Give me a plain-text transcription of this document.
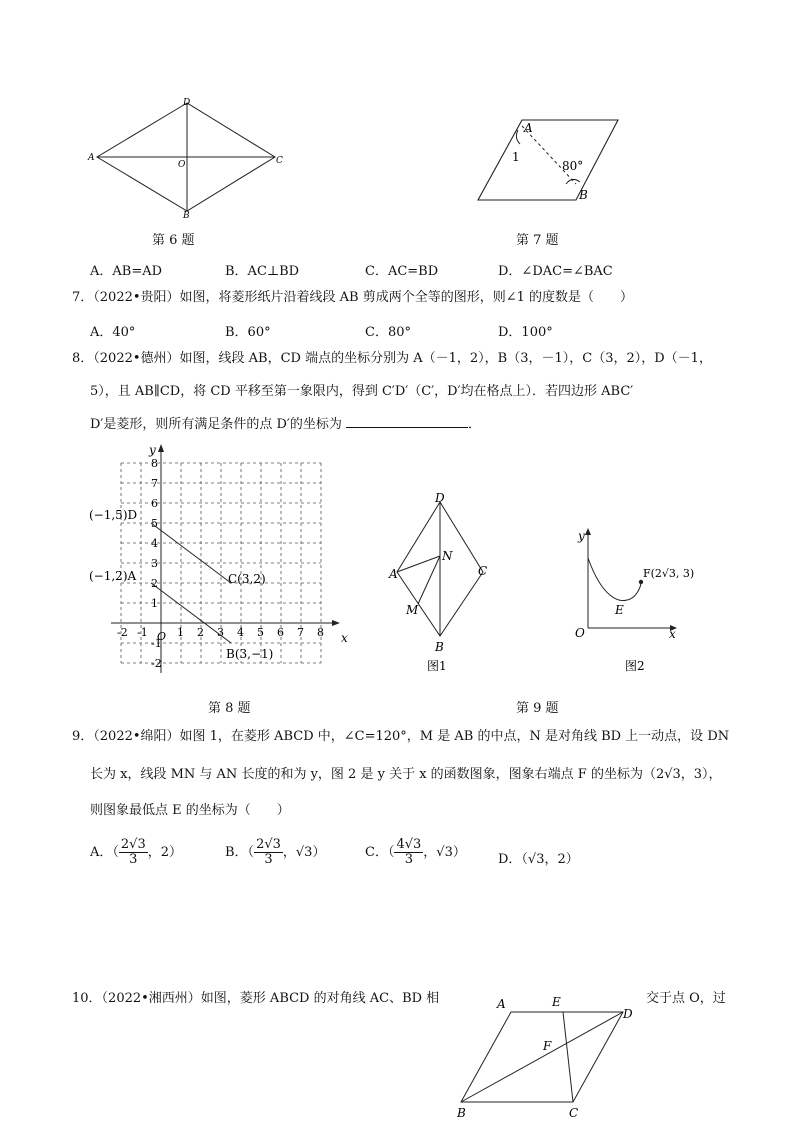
D
A
O	C
B
第 6 题
A
1
80°
B
第 7 题
A．AB=AD	B．AC⊥BD	C．AC=BD	D．∠DAC=∠BAC
7．（2022•贵阳）如图，将菱形纸片沿着线段 AB 剪成两个全等的图形，则∠1 的度数是（　　）
A．40°	B．60°	C．80°	D．100°
8．（2022•德州）如图，线段 AB，CD 端点的坐标分别为 A（－1，2），B（3，－1），C（3，2），D（－1，
5），且 AB∥CD，将 CD 平移至第一象限内，得到 C′D′（C′，D′均在格点上）．若四边形 ABC′
D′是菱形，则所有满足条件的点 D′的坐标为	．
-2 -1	1 2 3 4 5 6 7 8
8
7
6
5
4
3
2
1
-1
-2
(−1,5)D
(−1,2)A	C(3,2)
B(3,−1)
O	x
y
第 8 题
D
A
N
C
M
B
图1
y
x
O
E
F(2√3, 3)
图2
第 9 题
9．（2022•绵阳）如图 1，在菱形 ABCD 中，∠C=120°，M 是 AB 的中点，N 是对角线 BD 上一动点，设 DN
长为 x，线段 MN 与 AN 长度的和为 y，图 2 是 y 关于 x 的函数图象，图象右端点 F 的坐标为（2√3，3），
则图象最低点 E 的坐标为（　　）
A．（ $\frac{2√3}{3}$ ，2）	B．（ $\frac{2√3}{3}$ ，√3）	C．（ $\frac{4√3}{3}$ ，√3） D．（√3，2）
10．（2022•湘西州）如图，菱形 ABCD 的对角线 AC、BD 相	交于点 O，过
A	E
D
F
B	C
